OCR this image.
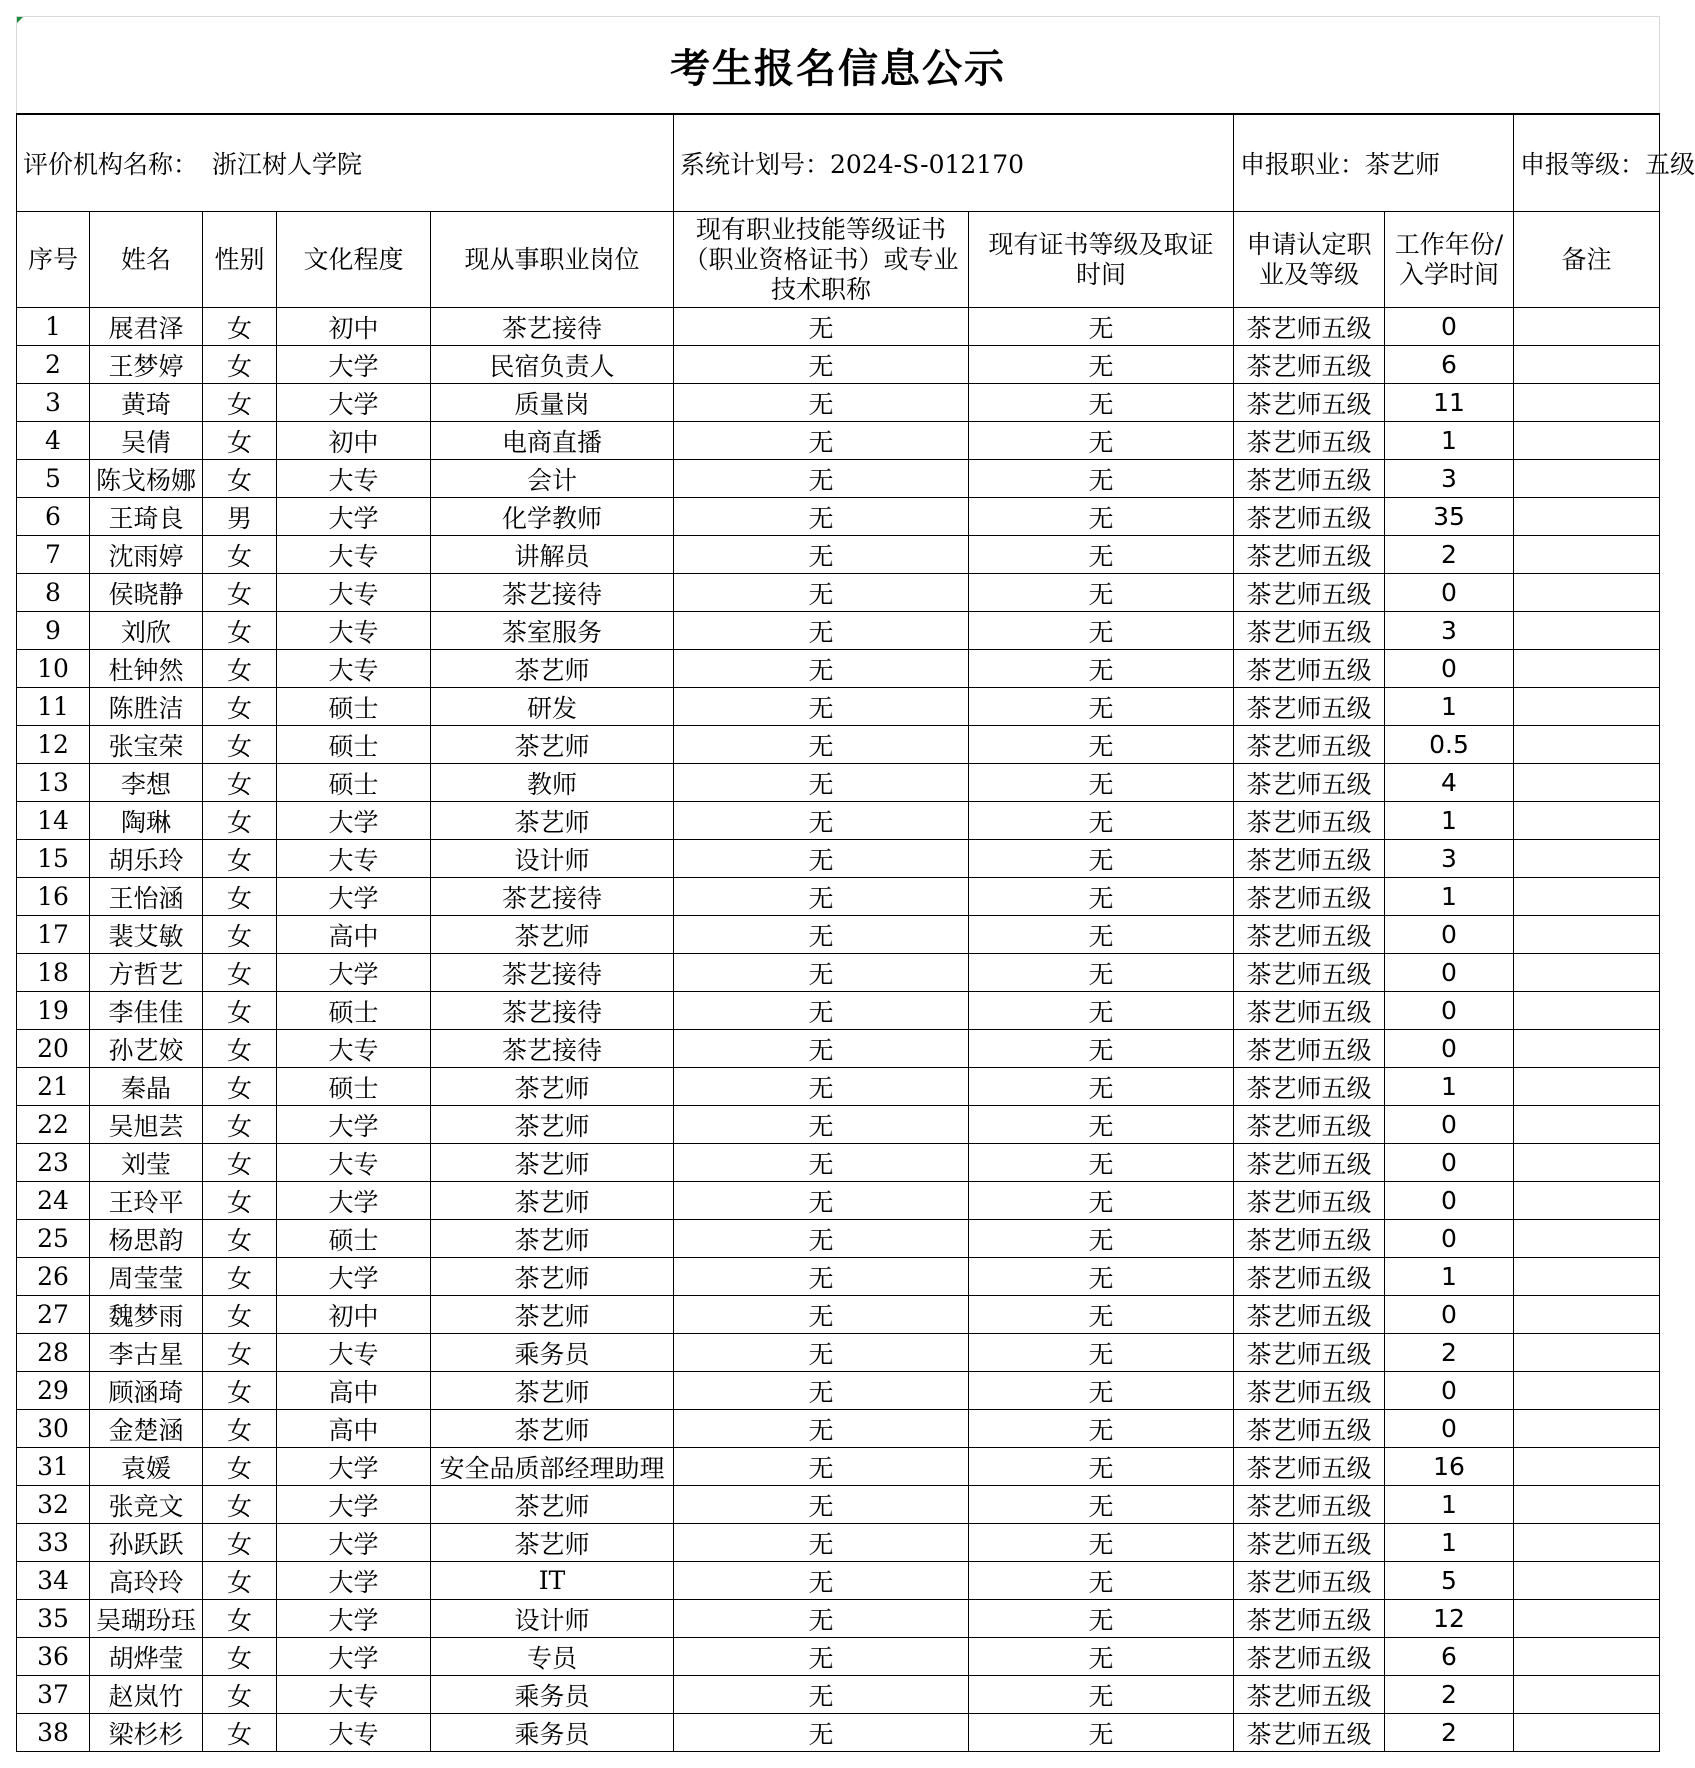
考生报名信息公示									
评价机构名称： 浙江树人学院					系统计划号：2024-S-012170		申报职业：茶艺师		申报等级：五级
序号	姓名	性别	文化程度	现从事职业岗位	现有职业技能等级证书（职业资格证书）或专业技术职称	现有证书等级及取证时间	申请认定职业及等级	工作年份/入学时间	备注
1	展君泽	女	初中	茶艺接待	无	无	茶艺师五级	0	
2	王梦婷	女	大学	民宿负责人	无	无	茶艺师五级	6	
3	黄琦	女	大学	质量岗	无	无	茶艺师五级	11	
4	吴倩	女	初中	电商直播	无	无	茶艺师五级	1	
5	陈戈杨娜	女	大专	会计	无	无	茶艺师五级	3	
6	王琦良	男	大学	化学教师	无	无	茶艺师五级	35	
7	沈雨婷	女	大专	讲解员	无	无	茶艺师五级	2	
8	侯晓静	女	大专	茶艺接待	无	无	茶艺师五级	0	
9	刘欣	女	大专	茶室服务	无	无	茶艺师五级	3	
10	杜钟然	女	大专	茶艺师	无	无	茶艺师五级	0	
11	陈胜洁	女	硕士	研发	无	无	茶艺师五级	1	
12	张宝荣	女	硕士	茶艺师	无	无	茶艺师五级	0.5	
13	李想	女	硕士	教师	无	无	茶艺师五级	4	
14	陶琳	女	大学	茶艺师	无	无	茶艺师五级	1	
15	胡乐玲	女	大专	设计师	无	无	茶艺师五级	3	
16	王怡涵	女	大学	茶艺接待	无	无	茶艺师五级	1	
17	裴艾敏	女	高中	茶艺师	无	无	茶艺师五级	0	
18	方哲艺	女	大学	茶艺接待	无	无	茶艺师五级	0	
19	李佳佳	女	硕士	茶艺接待	无	无	茶艺师五级	0	
20	孙艺姣	女	大专	茶艺接待	无	无	茶艺师五级	0	
21	秦晶	女	硕士	茶艺师	无	无	茶艺师五级	1	
22	吴旭芸	女	大学	茶艺师	无	无	茶艺师五级	0	
23	刘莹	女	大专	茶艺师	无	无	茶艺师五级	0	
24	王玲平	女	大学	茶艺师	无	无	茶艺师五级	0	
25	杨思韵	女	硕士	茶艺师	无	无	茶艺师五级	0	
26	周莹莹	女	大学	茶艺师	无	无	茶艺师五级	1	
27	魏梦雨	女	初中	茶艺师	无	无	茶艺师五级	0	
28	李古星	女	大专	乘务员	无	无	茶艺师五级	2	
29	顾涵琦	女	高中	茶艺师	无	无	茶艺师五级	0	
30	金楚涵	女	高中	茶艺师	无	无	茶艺师五级	0	
31	袁媛	女	大学	安全品质部经理助理	无	无	茶艺师五级	16	
32	张竞文	女	大学	茶艺师	无	无	茶艺师五级	1	
33	孙跃跃	女	大学	茶艺师	无	无	茶艺师五级	1	
34	高玲玲	女	大学	IT	无	无	茶艺师五级	5	
35	吴瑚玢珏	女	大学	设计师	无	无	茶艺师五级	12	
36	胡烨莹	女	大学	专员	无	无	茶艺师五级	6	
37	赵岚竹	女	大专	乘务员	无	无	茶艺师五级	2	
38	梁杉杉	女	大专	乘务员	无	无	茶艺师五级	2	
